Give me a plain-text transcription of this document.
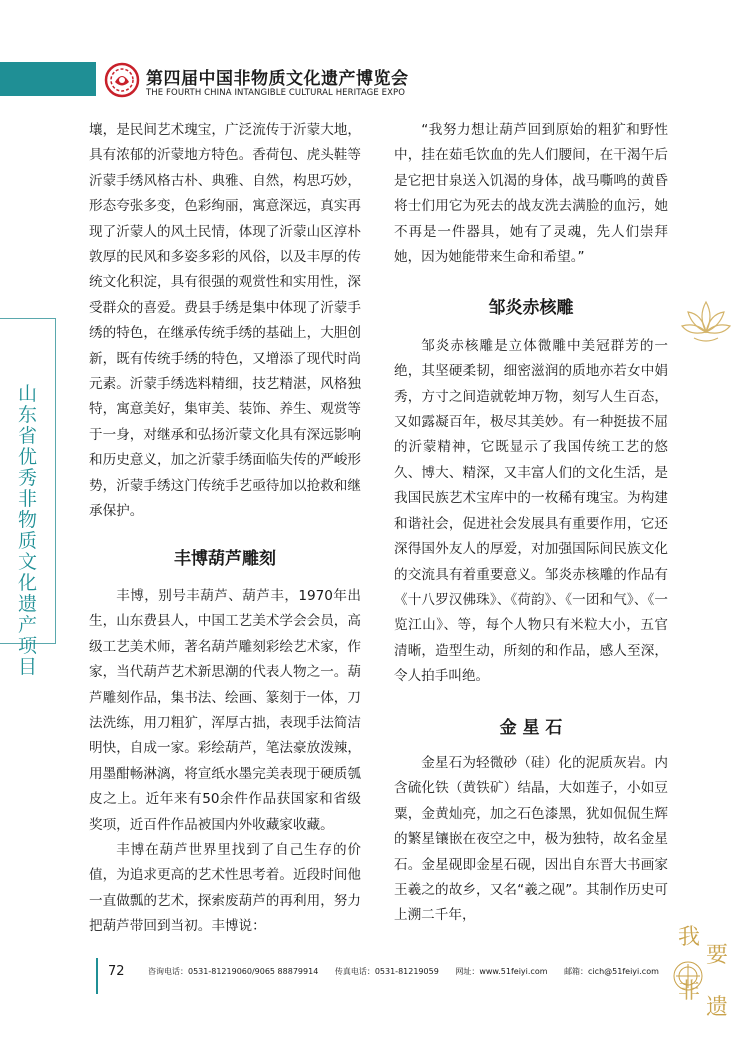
第四届中国非物质文化遗产博览会
THE FOURTH CHINA INTANGIBLE CULTURAL HERITAGE EXPO
山东省优秀非物质文化遗产项目

壤，是民间艺术瑰宝，广泛流传于沂蒙大地，具有浓郁的沂蒙地方特色。香荷包、虎头鞋等沂蒙手绣风格古朴、典雅、自然，构思巧妙，形态夸张多变，色彩绚丽，寓意深远，真实再现了沂蒙人的风土民情，体现了沂蒙山区淳朴敦厚的民风和多姿多彩的风俗，以及丰厚的传统文化积淀，具有很强的观赏性和实用性，深受群众的喜爱。费县手绣是集中体现了沂蒙手绣的特色，在继承传统手绣的基础上，大胆创新，既有传统手绣的特色，又增添了现代时尚元素。沂蒙手绣选料精细，技艺精湛，风格独特，寓意美好，集审美、装饰、养生、观赏等于一身，对继承和弘扬沂蒙文化具有深远影响和历史意义，加之沂蒙手绣面临失传的严峻形势，沂蒙手绣这门传统手艺亟待加以抢救和继承保护。

丰博葫芦雕刻

丰博，别号丰葫芦、葫芦丰，1970年出生，山东费县人，中国工艺美术学会会员，高级工艺美术师，著名葫芦雕刻彩绘艺术家，作家，当代葫芦艺术新思潮的代表人物之一。葫芦雕刻作品，集书法、绘画、篆刻于一体，刀法洗练，用刀粗犷，浑厚古拙，表现手法简洁明快，自成一家。彩绘葫芦，笔法豪放泼辣，用墨酣畅淋漓，将宣纸水墨完美表现于硬质瓠皮之上。近年来有50余件作品获国家和省级奖项，近百件作品被国内外收藏家收藏。

丰博在葫芦世界里找到了自己生存的价值，为追求更高的艺术性思考着。近段时间他一直做瓢的艺术，探索废葫芦的再利用，努力把葫芦带回到当初。丰博说：

“我努力想让葫芦回到原始的粗犷和野性中，挂在茹毛饮血的先人们腰间，在干渴午后是它把甘泉送入饥渴的身体，战马嘶鸣的黄昏将士们用它为死去的战友洗去满脸的血污，她不再是一件器具，她有了灵魂，先人们崇拜她，因为她能带来生命和希望。”

邹炎赤核雕

邹炎赤核雕是立体微雕中美冠群芳的一绝，其坚硬柔韧，细密滋润的质地亦若女中娟秀，方寸之间造就乾坤万物，刻写人生百态，又如露凝百年，极尽其美妙。有一种挺拔不屈的沂蒙精神，它既显示了我国传统工艺的悠久、博大、精深，又丰富人们的文化生活，是我国民族艺术宝库中的一枚稀有瑰宝。为构建和谐社会，促进社会发展具有重要作用，它还深得国外友人的厚爱，对加强国际间民族文化的交流具有着重要意义。邹炎赤核雕的作品有《十八罗汉佛珠》、《荷韵》、《一团和气》、《一览江山》、等，每个人物只有米粒大小，五官清晰，造型生动，所刻的和作品，感人至深，令人拍手叫绝。

金 星 石

金星石为轻微砂（硅）化的泥质灰岩。内含硫化铁（黄铁矿）结晶，大如莲子，小如豆粟，金黄灿亮，加之石色漆黑，犹如侃侃生辉的繁星镶嵌在夜空之中，极为独特，故名金星石。金星砚即金星石砚，因出自东晋大书画家王羲之的故乡，又名“羲之砚”。其制作历史可上溯二千年，

72	咨询电话：0531-81219060/9065 88879914 传真电话：0531-81219059 网址：www.51feiyi.com 邮箱：cich@51feiyi.com
我
要
非
遗
